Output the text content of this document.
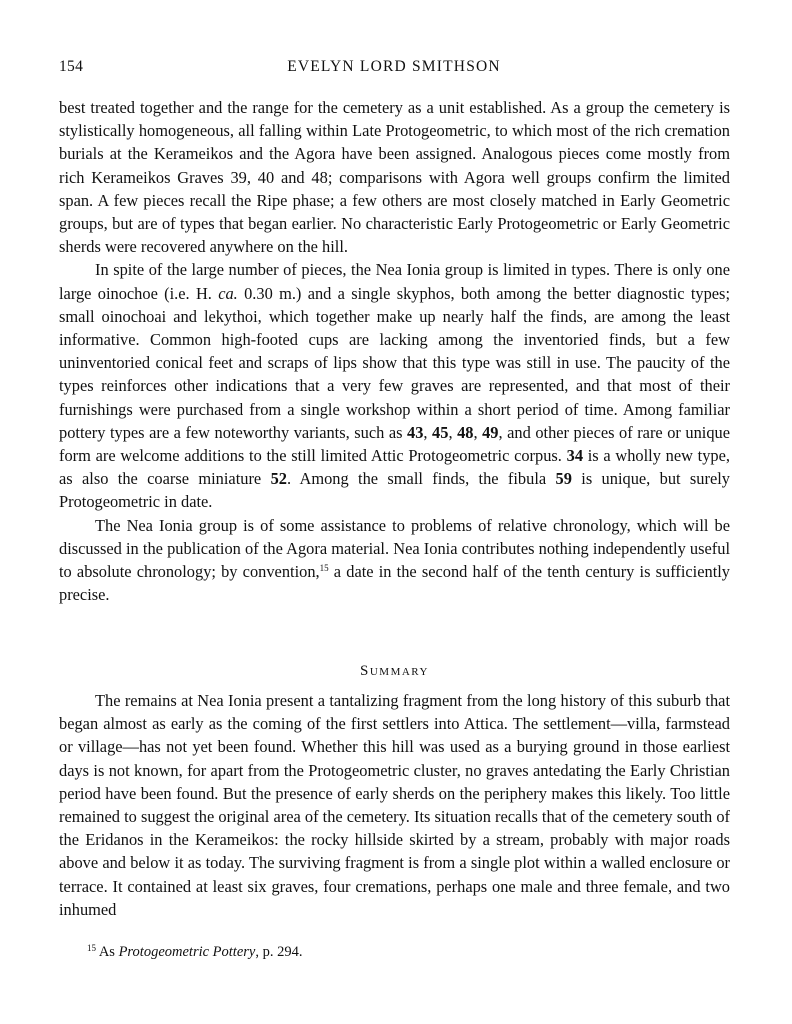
154	EVELYN LORD SMITHSON

best treated together and the range for the cemetery as a unit established. As a group the cemetery is stylistically homogeneous, all falling within Late Protogeometric, to which most of the rich cremation burials at the Kerameikos and the Agora have been assigned. Analogous pieces come mostly from rich Kerameikos Graves 39, 40 and 48; comparisons with Agora well groups confirm the limited span. A few pieces recall the Ripe phase; a few others are most closely matched in Early Geometric groups, but are of types that began earlier. No characteristic Early Protogeometric or Early Geometric sherds were recovered anywhere on the hill.

In spite of the large number of pieces, the Nea Ionia group is limited in types. There is only one large oinochoe (i.e. H. ca. 0.30 m.) and a single skyphos, both among the better diagnostic types; small oinochoai and lekythoi, which together make up nearly half the finds, are among the least informative. Common high-footed cups are lacking among the inventoried finds, but a few uninventoried conical feet and scraps of lips show that this type was still in use. The paucity of the types reinforces other indications that a very few graves are represented, and that most of their furnishings were purchased from a single workshop within a short period of time. Among familiar pottery types are a few noteworthy variants, such as 43, 45, 48, 49, and other pieces of rare or unique form are welcome additions to the still limited Attic Protogeometric corpus. 34 is a wholly new type, as also the coarse miniature 52. Among the small finds, the fibula 59 is unique, but surely Protogeometric in date.

The Nea Ionia group is of some assistance to problems of relative chronology, which will be discussed in the publication of the Agora material. Nea Ionia contributes nothing independently useful to absolute chronology; by convention,$^{15}$ a date in the second half of the tenth century is sufficiently precise.

Summary

The remains at Nea Ionia present a tantalizing fragment from the long history of this suburb that began almost as early as the coming of the first settlers into Attica. The settlement—villa, farmstead or village—has not yet been found. Whether this hill was used as a burying ground in those earliest days is not known, for apart from the Protogeometric cluster, no graves antedating the Early Christian period have been found. But the presence of early sherds on the periphery makes this likely. Too little remained to suggest the original area of the cemetery. Its situation recalls that of the cemetery south of the Eridanos in the Kerameikos: the rocky hillside skirted by a stream, probably with major roads above and below it as today. The surviving fragment is from a single plot within a walled enclosure or terrace. It contained at least six graves, four cremations, perhaps one male and three female, and two inhumed

$^{15}$ As Protogeometric Pottery, p. 294.
